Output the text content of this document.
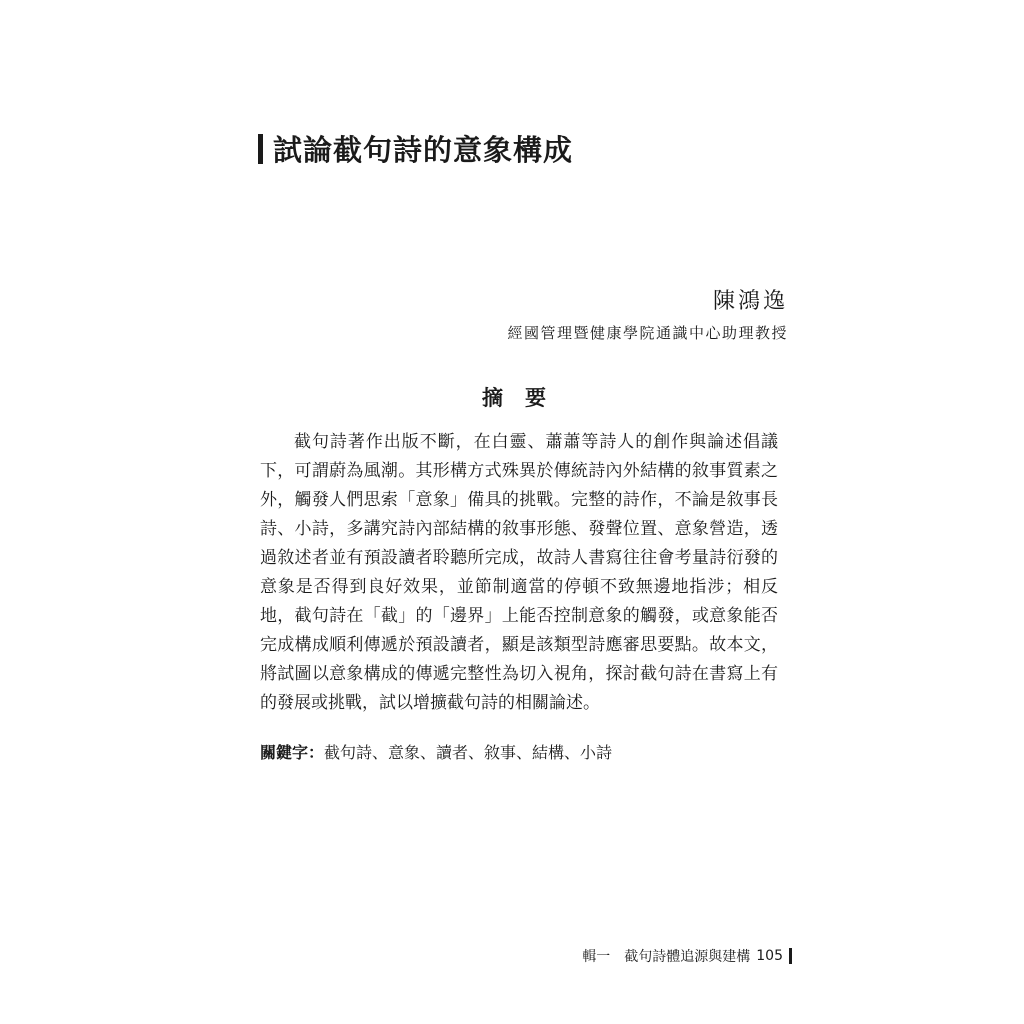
試論截句詩的意象構成
陳鴻逸
經國管理暨健康學院通識中心助理教授
摘要

截句詩著作出版不斷，在白靈、蕭蕭等詩人的創作與論述倡議下，可謂蔚為風潮。其形構方式殊異於傳統詩內外結構的敘事質素之外，觸發人們思索「意象」備具的挑戰。完整的詩作，不論是敘事長詩、小詩，多講究詩內部結構的敘事形態、發聲位置、意象營造，透過敘述者並有預設讀者聆聽所完成，故詩人書寫往往會考量詩衍發的意象是否得到良好效果，並節制適當的停頓不致無邊地指涉；相反地，截句詩在「截」的「邊界」上能否控制意象的觸發，或意象能否完成構成順利傳遞於預設讀者，顯是該類型詩應審思要點。故本文，將試圖以意象構成的傳遞完整性為切入視角，探討截句詩在書寫上有的發展或挑戰，試以增擴截句詩的相關論述。

關鍵字：截句詩、意象、讀者、敘事、結構、小詩
輯一 截句詩體追源與建構 105
